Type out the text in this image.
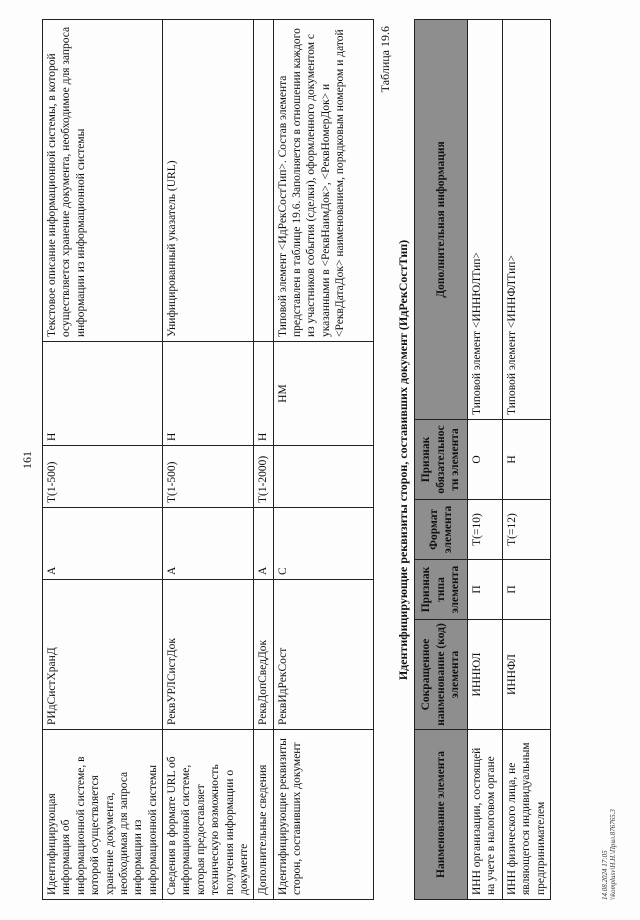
161
Идентифицирующая информация об информационной системе, в которой осуществляется хранение документа, необходимая для запроса информации из информационной системы	РИдСистХранД	А	T(1-500)	Н	Текстовое описание информационной системы, в которой осуществляется хранение документа, необходимое для запроса информации из информационной системы
Сведения в формате URL об информационной системе, которая предоставляет техническую возможность получения информации о документе	РеквУРЛСистДок	А	T(1-500)	Н	Унифицированный указатель (URL)
Дополнительные сведения	РеквДопСведДок	А	T(1-2000)	Н	
Идентифицирующие реквизиты сторон, составивших документ	РеквИдРекСост	С		НМ	Типовой элемент <ИдРекСостТип>. Состав элемента представлен в таблице 19.6. Заполняется в отношении каждого из участников события (сделки), оформленного документом с указанными в <РеквНаимДок>, <РеквНомерДок> и <РеквДатаДок> наименованием, порядковым номером и датой	Таблица 19.6
Идентифицирующие реквизиты сторон, составивших документ (ИдРекСостТип)
Наименование элемента	Сокращенное наименование (код) элемента	Признак типа элемента	Формат элемента	Признак обязательности элемента	Дополнительная информация
ИНН организации, состоящей на учете в налоговом органе	ИННЮЛ	П	T(=10)	О	Типовой элемент <ИННЮЛТип>
ИНН физического лица, не являющегося индивидуальным предпринимателем	ИННФЛ	П	T(=12)	Н	Типовой элемент <ИННФЛТип>
14.08.2024 17:05 \\komplusv\Н.Н.\Прил.876765.3
